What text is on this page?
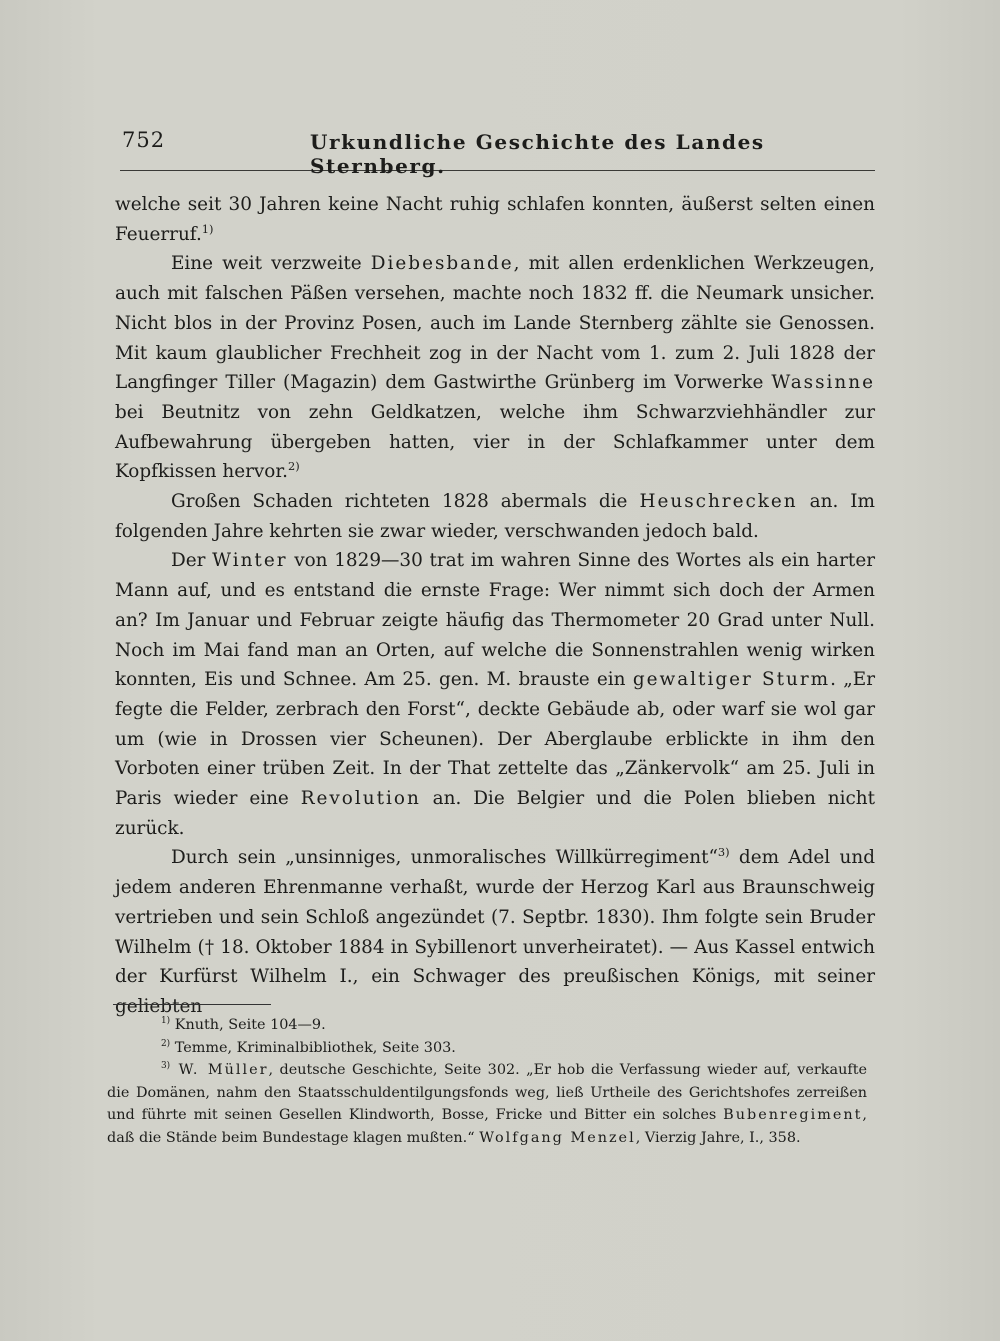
752	Urkundliche Geschichte des Landes Sternberg.

welche seit 30 Jahren keine Nacht ruhig schlafen konnten, äußerst selten einen Feuerruf.$^{1)}$

Eine weit verzweite Diebesbande, mit allen erdenklichen Werkzeugen, auch mit falschen Päßen versehen, machte noch 1832 ff. die Neumark unsicher. Nicht blos in der Provinz Posen, auch im Lande Sternberg zählte sie Genossen. Mit kaum glaublicher Frechheit zog in der Nacht vom 1. zum 2. Juli 1828 der Langfinger Tiller (Magazin) dem Gastwirthe Grünberg im Vorwerke Wassinne bei Beutnitz von zehn Geldkatzen, welche ihm Schwarzviehhändler zur Aufbewahrung übergeben hatten, vier in der Schlafkammer unter dem Kopfkissen hervor.$^{2)}$

Großen Schaden richteten 1828 abermals die Heuschrecken an. Im folgenden Jahre kehrten sie zwar wieder, verschwanden jedoch bald.

Der Winter von 1829—30 trat im wahren Sinne des Wortes als ein harter Mann auf, und es entstand die ernste Frage: Wer nimmt sich doch der Armen an? Im Januar und Februar zeigte häufig das Thermometer 20 Grad unter Null. Noch im Mai fand man an Orten, auf welche die Sonnenstrahlen wenig wirken konnten, Eis und Schnee. Am 25. gen. M. brauste ein gewaltiger Sturm. „Er fegte die Felder, zerbrach den Forst“, deckte Gebäude ab, oder warf sie wol gar um (wie in Drossen vier Scheunen). Der Aberglaube erblickte in ihm den Vorboten einer trüben Zeit. In der That zettelte das „Zänkervolk“ am 25. Juli in Paris wieder eine Revolution an. Die Belgier und die Polen blieben nicht zurück.

Durch sein „unsinniges, unmoralisches Willkürregiment“$^{3)}$ dem Adel und jedem anderen Ehrenmanne verhaßt, wurde der Herzog Karl aus Braunschweig vertrieben und sein Schloß angezündet (7. Septbr. 1830). Ihm folgte sein Bruder Wilhelm († 18. Oktober 1884 in Sybillenort unverheiratet). — Aus Kassel entwich der Kurfürst Wilhelm I., ein Schwager des preußischen Königs, mit seiner geliebten

$^{1)}$ Knuth, Seite 104—9.

$^{2)}$ Temme, Kriminalbibliothek, Seite 303.

$^{3)}$ W. Müller, deutsche Geschichte, Seite 302. „Er hob die Verfassung wieder auf, verkaufte die Domänen, nahm den Staatsschuldentilgungsfonds weg, ließ Urtheile des Gerichtshofes zerreißen und führte mit seinen Gesellen Klindworth, Bosse, Fricke und Bitter ein solches Bubenregiment, daß die Stände beim Bundestage klagen mußten.“ Wolfgang Menzel, Vierzig Jahre, I., 358.
